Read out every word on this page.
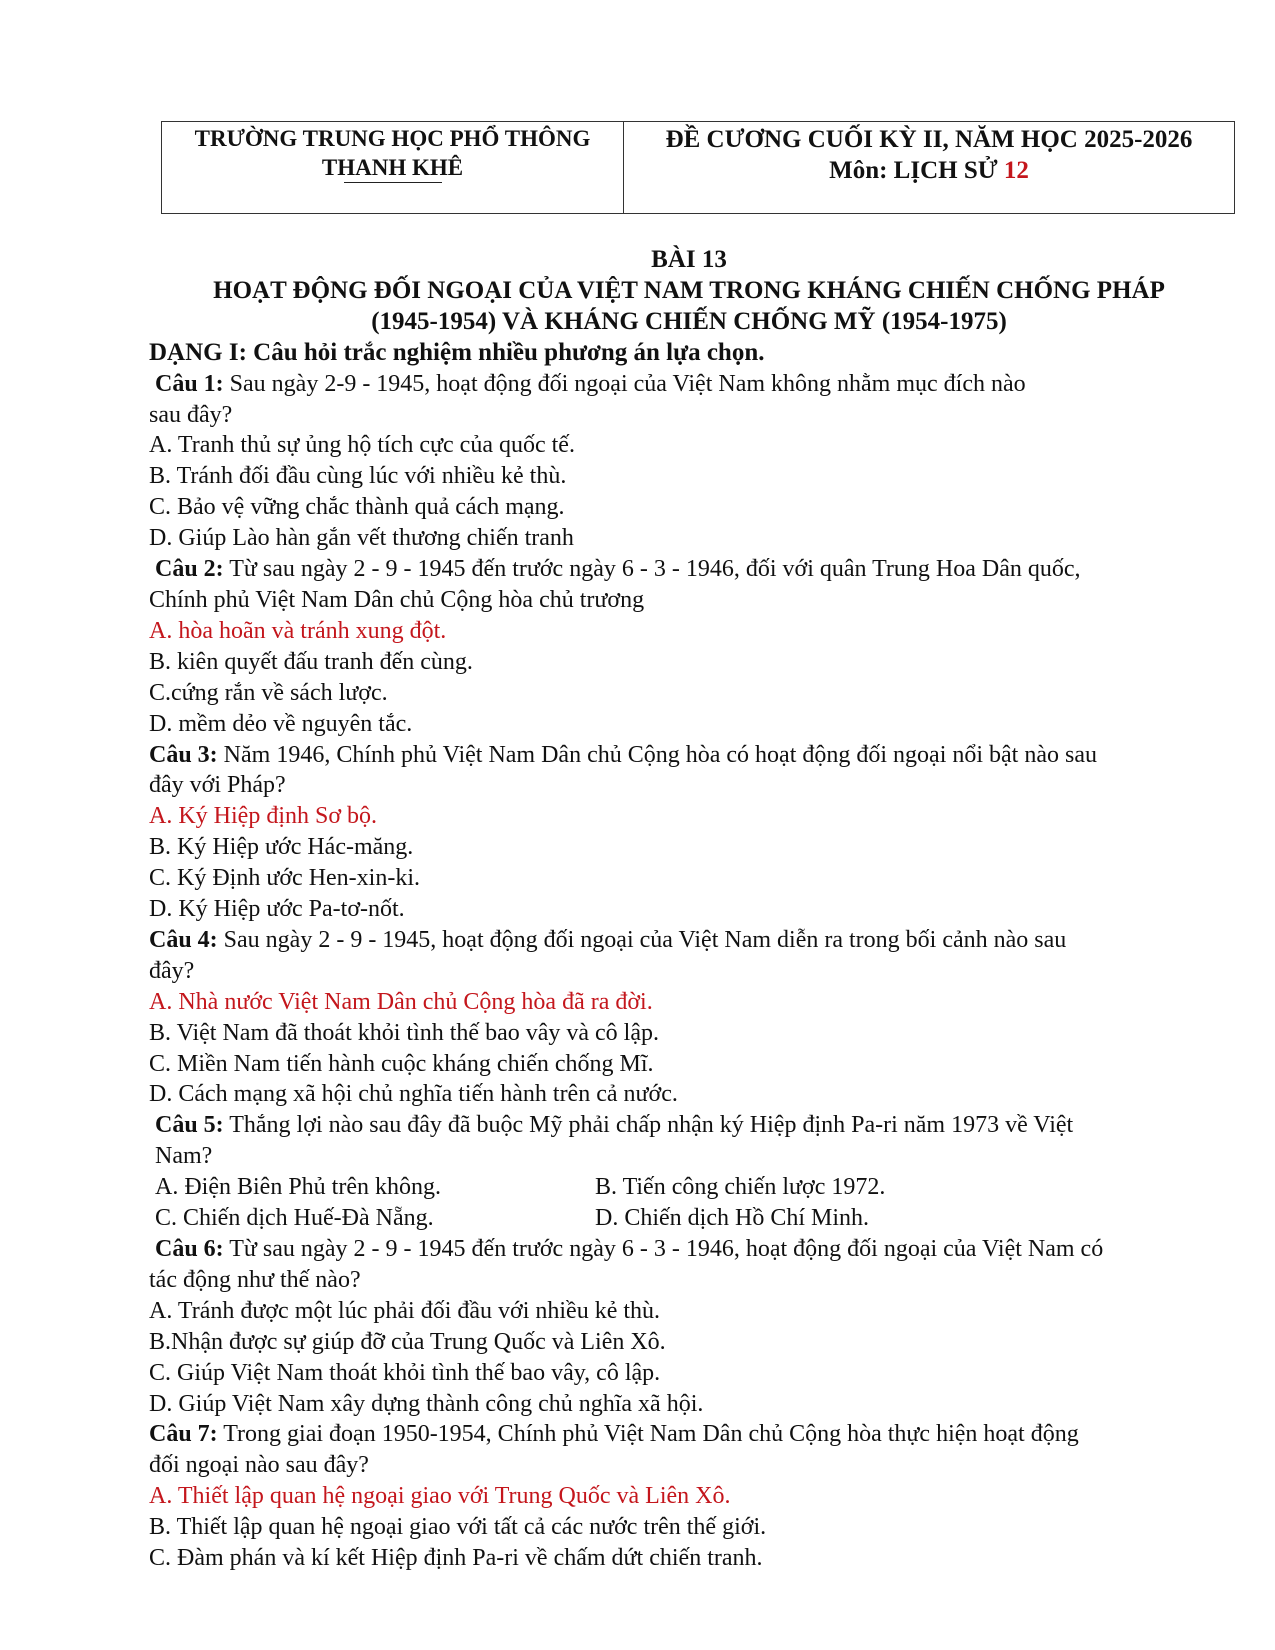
TRƯỜNG TRUNG HỌC PHỔ THÔNG
THANH KHÊ

ĐỀ CƯƠNG CUỐI KỲ II, NĂM HỌC 2025-2026
Môn: LỊCH SỬ 12
BÀI 13
HOẠT ĐỘNG ĐỐI NGOẠI CỦA VIỆT NAM TRONG KHÁNG CHIẾN CHỐNG PHÁP
(1945-1954) VÀ KHÁNG CHIẾN CHỐNG MỸ (1954-1975)
DẠNG I: Câu hỏi trắc nghiệm nhiều phương án lựa chọn.
Câu 1: Sau ngày 2-9 - 1945, hoạt động đối ngoại của Việt Nam không nhằm mục đích nào
sau đây?
A. Tranh thủ sự ủng hộ tích cực của quốc tế.
B. Tránh đối đầu cùng lúc với nhiều kẻ thù.
C. Bảo vệ vững chắc thành quả cách mạng.
D. Giúp Lào hàn gắn vết thương chiến tranh
Câu 2: Từ sau ngày 2 - 9 - 1945 đến trước ngày 6 - 3 - 1946, đối với quân Trung Hoa Dân quốc,
Chính phủ Việt Nam Dân chủ Cộng hòa chủ trương
A. hòa hoãn và tránh xung đột.
B. kiên quyết đấu tranh đến cùng.
C.cứng rắn về sách lược.
D. mềm dẻo về nguyên tắc.
Câu 3: Năm 1946, Chính phủ Việt Nam Dân chủ Cộng hòa có hoạt động đối ngoại nổi bật nào sau
đây với Pháp?
A. Ký Hiệp định Sơ bộ.
B. Ký Hiệp ước Hác-măng.
C. Ký Định ước Hen-xin-ki.
D. Ký Hiệp ước Pa-tơ-nốt.
Câu 4: Sau ngày 2 - 9 - 1945, hoạt động đối ngoại của Việt Nam diễn ra trong bối cảnh nào sau
đây?
A. Nhà nước Việt Nam Dân chủ Cộng hòa đã ra đời.
B. Việt Nam đã thoát khỏi tình thế bao vây và cô lập.
C. Miền Nam tiến hành cuộc kháng chiến chống Mĩ.
D. Cách mạng xã hội chủ nghĩa tiến hành trên cả nước.
Câu 5: Thắng lợi nào sau đây đã buộc Mỹ phải chấp nhận ký Hiệp định Pa-ri năm 1973 về Việt
Nam?
A. Điện Biên Phủ trên không.	B. Tiến công chiến lược 1972.
C. Chiến dịch Huế-Đà Nẵng.	D. Chiến dịch Hồ Chí Minh.
Câu 6: Từ sau ngày 2 - 9 - 1945 đến trước ngày 6 - 3 - 1946, hoạt động đối ngoại của Việt Nam có
tác động như thế nào?
A. Tránh được một lúc phải đối đầu với nhiều kẻ thù.
B.Nhận được sự giúp đỡ của Trung Quốc và Liên Xô.
C. Giúp Việt Nam thoát khỏi tình thế bao vây, cô lập.
D. Giúp Việt Nam xây dựng thành công chủ nghĩa xã hội.
Câu 7: Trong giai đoạn 1950-1954, Chính phủ Việt Nam Dân chủ Cộng hòa thực hiện hoạt động
đối ngoại nào sau đây?
A. Thiết lập quan hệ ngoại giao với Trung Quốc và Liên Xô.
B. Thiết lập quan hệ ngoại giao với tất cả các nước trên thế giới.
C. Đàm phán và kí kết Hiệp định Pa-ri về chấm dứt chiến tranh.
